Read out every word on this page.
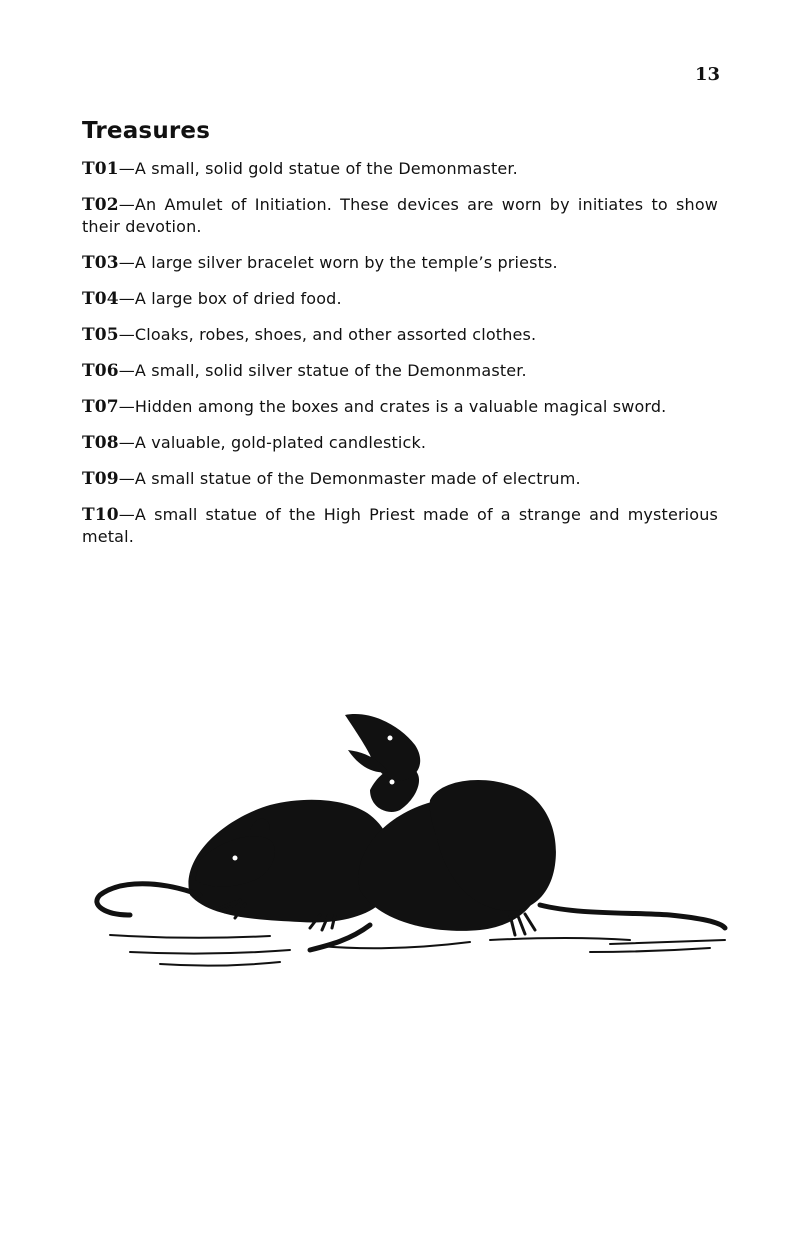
13
Treasures
T01—A small, solid gold statue of the Demonmaster.
T02—An Amulet of Initiation. These devices are worn by initiates to show their devotion.
T03—A large silver bracelet worn by the temple’s priests.
T04—A large box of dried food.
T05—Cloaks, robes, shoes, and other assorted clothes.
T06—A small, solid silver statue of the Demonmaster.
T07—Hidden among the boxes and crates is a valuable magical sword.
T08—A valuable, gold-plated candlestick.
T09—A small statue of the Demonmaster made of electrum.
T10—A small statue of the High Priest made of a strange and mysterious metal.
